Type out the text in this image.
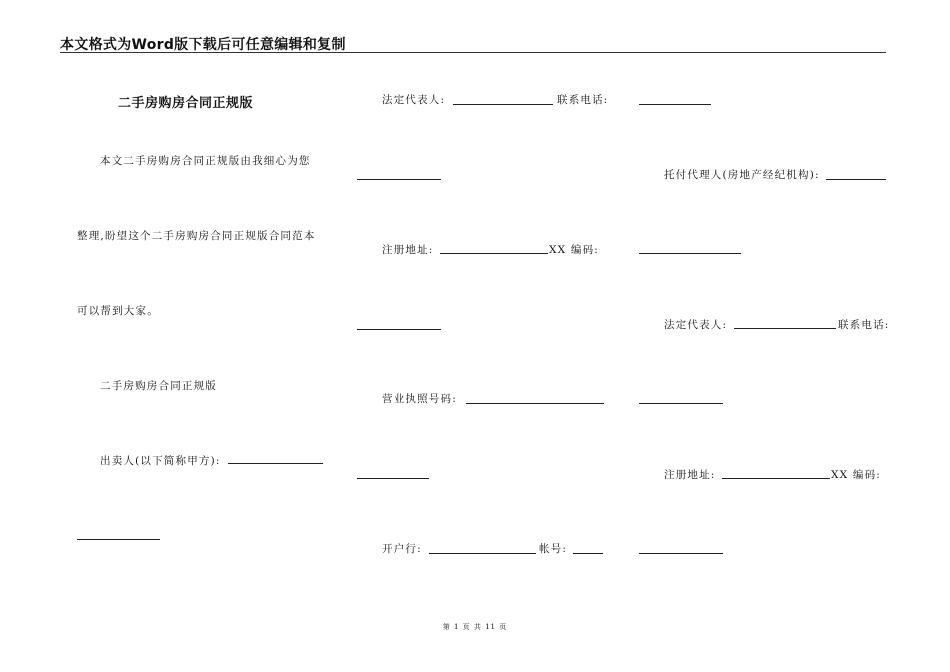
本文格式为Word版下载后可任意编辑和复制
二手房购房合同正规版
本文二手房购房合同正规版由我细心为您
整理,盼望这个二手房购房合同正规版合同范本
可以帮到大家。
二手房购房合同正规版
出卖人(以下简称甲方):
法定代表人:	联系电话:
注册地址:	XX 编码:
营业执照号码:
开户行:	帐号:
托付代理人(房地产经纪机构):
法定代表人:	联系电话:
注册地址:	XX 编码:
第 1 页 共 11 页
